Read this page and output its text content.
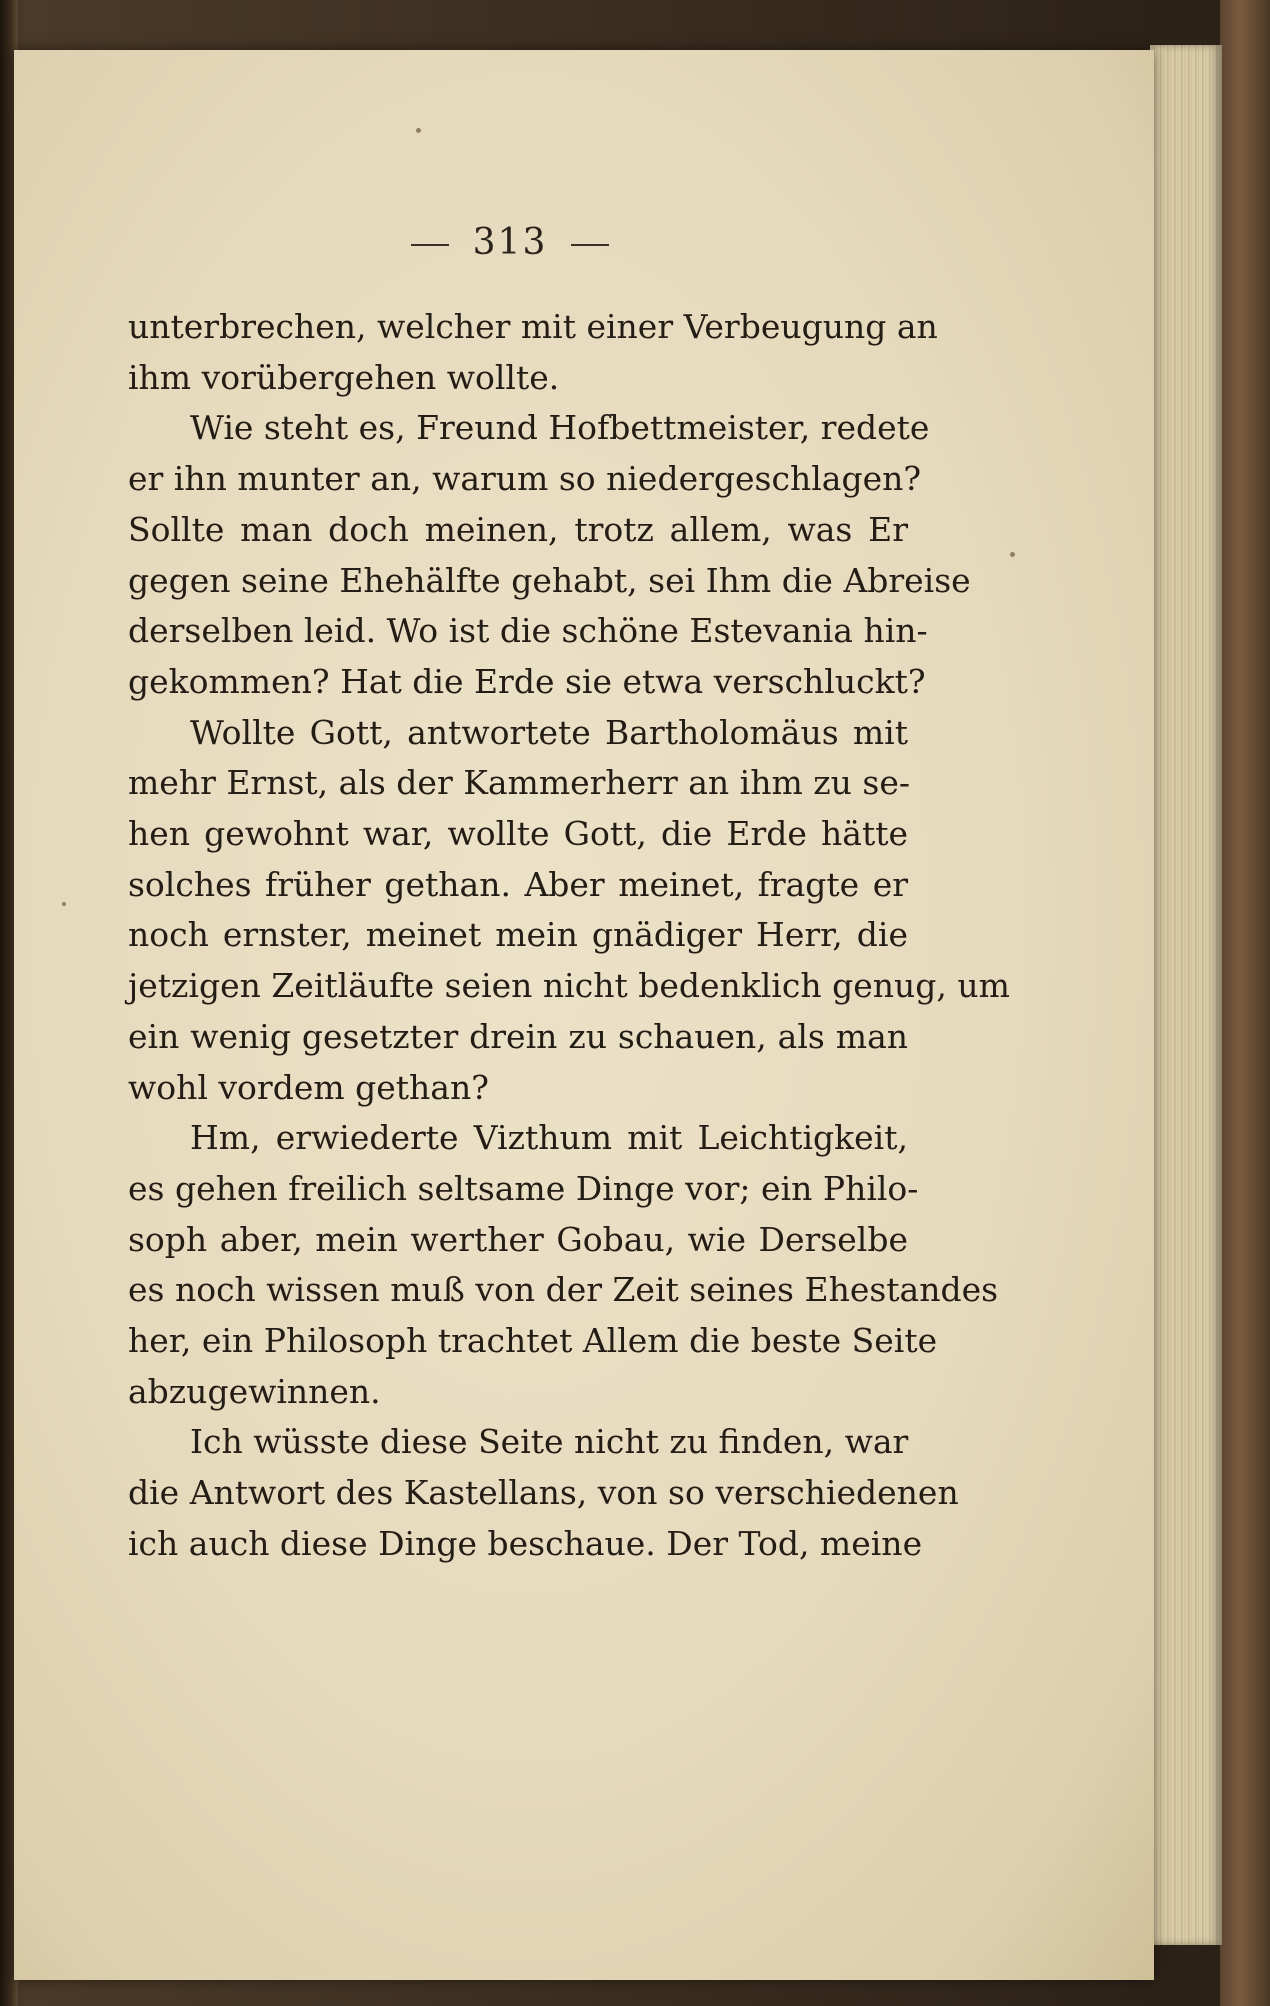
313
unterbrechen, welcher mit einer Verbeugung an
ihm vorübergehen wollte.
Wie steht es, Freund Hofbettmeister, redete
er ihn munter an, warum so niedergeschlagen?
Sollte man doch meinen, trotz allem, was Er
gegen seine Ehehälfte gehabt, sei Ihm die Abreise
derselben leid. Wo ist die schöne Estevania hin-
gekommen? Hat die Erde sie etwa verschluckt?
Wollte Gott, antwortete Bartholomäus mit
mehr Ernst, als der Kammerherr an ihm zu se-
hen gewohnt war, wollte Gott, die Erde hätte
solches früher gethan. Aber meinet, fragte er
noch ernster, meinet mein gnädiger Herr, die
jetzigen Zeitläufte seien nicht bedenklich genug, um
ein wenig gesetzter drein zu schauen, als man
wohl vordem gethan?
Hm, erwiederte Vizthum mit Leichtigkeit,
es gehen freilich seltsame Dinge vor; ein Philo-
soph aber, mein werther Gobau, wie Derselbe
es noch wissen muß von der Zeit seines Ehestandes
her, ein Philosoph trachtet Allem die beste Seite
abzugewinnen.
Ich wüsste diese Seite nicht zu finden, war
die Antwort des Kastellans, von so verschiedenen
ich auch diese Dinge beschaue. Der Tod, meine
